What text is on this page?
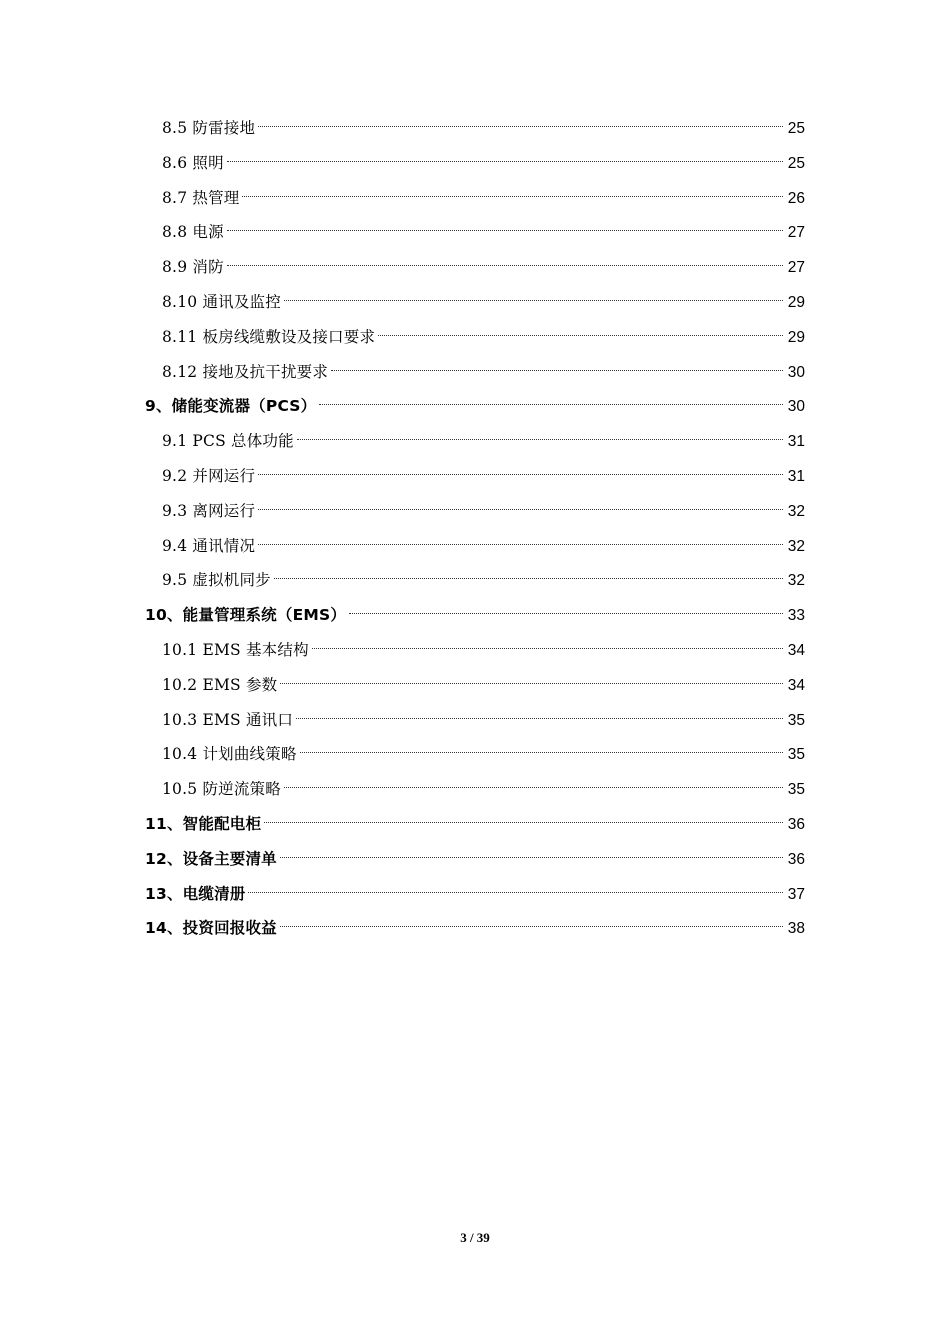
8.5 防雷接地	25
8.6 照明	25
8.7 热管理	26
8.8 电源	27
8.9 消防	27
8.10 通讯及监控	29
8.11 板房线缆敷设及接口要求	29
8.12 接地及抗干扰要求	30
9、储能变流器（PCS）	30
9.1 PCS 总体功能	31
9.2 并网运行	31
9.3 离网运行	32
9.4 通讯情况	32
9.5 虚拟机同步	32
10、能量管理系统（EMS）	33
10.1 EMS 基本结构	34
10.2 EMS 参数	34
10.3 EMS 通讯口	35
10.4 计划曲线策略	35
10.5 防逆流策略	35
11、智能配电柜	36
12、设备主要清单	36
13、电缆清册	37
14、投资回报收益	38
3 / 39
